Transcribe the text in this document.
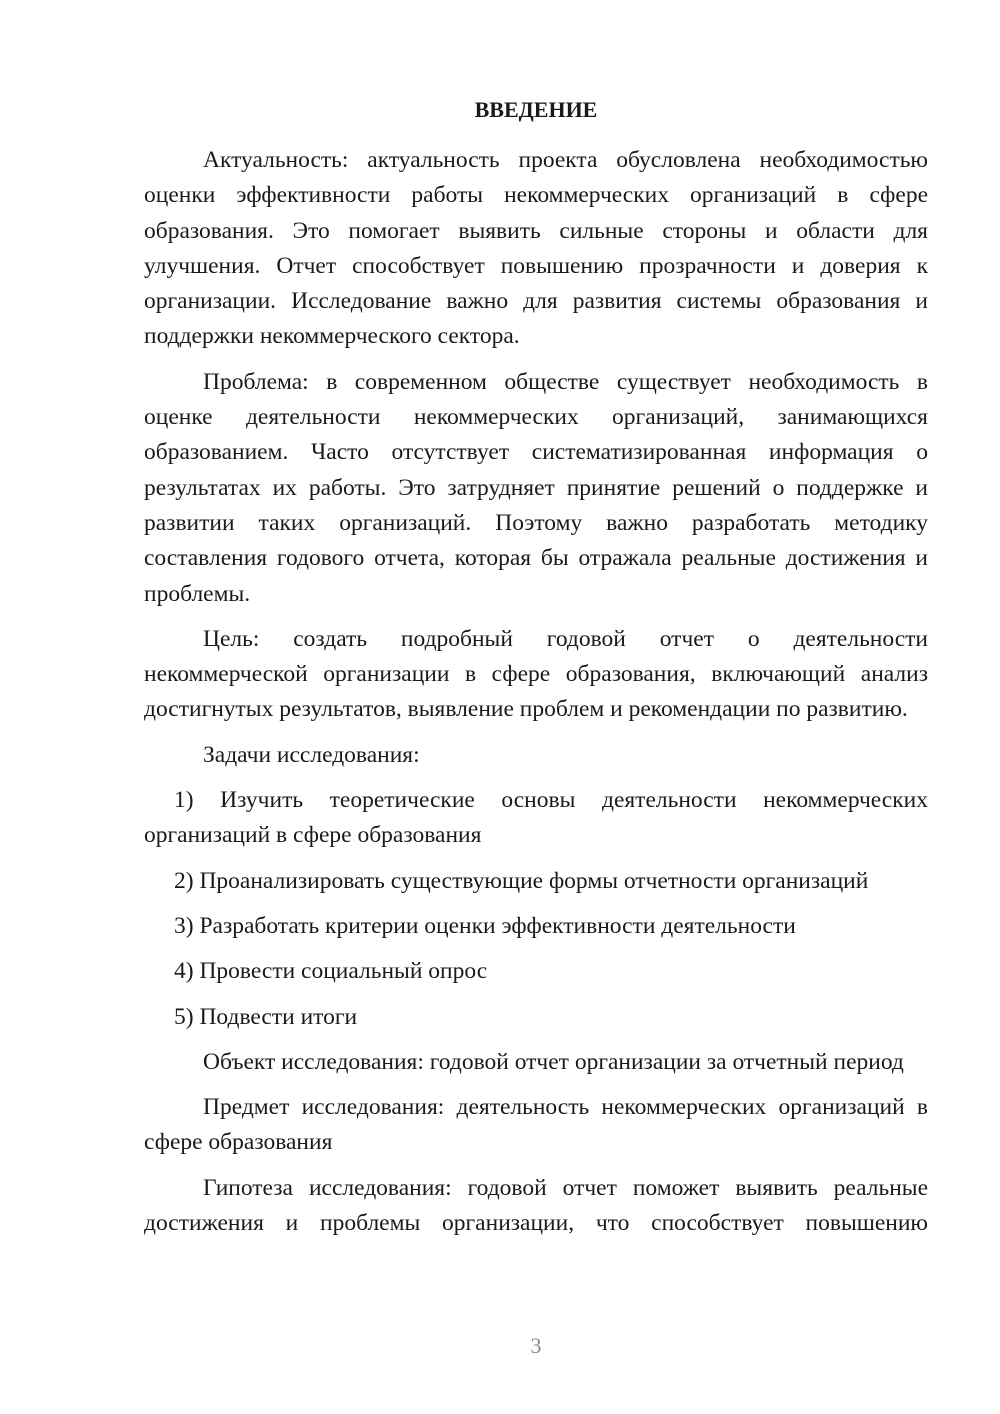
ВВЕДЕНИЕ
Актуальность: актуальность проекта обусловлена необходимостью оценки эффективности работы некоммерческих организаций в сфере образования. Это помогает выявить сильные стороны и области для улучшения. Отчет способствует повышению прозрачности и доверия к организации. Исследование важно для развития системы образования и поддержки некоммерческого сектора.
Проблема: в современном обществе существует необходимость в оценке деятельности некоммерческих организаций, занимающихся образованием. Часто отсутствует систематизированная информация о результатах их работы. Это затрудняет принятие решений о поддержке и развитии таких организаций. Поэтому важно разработать методику составления годового отчета, которая бы отражала реальные достижения и проблемы.
Цель: создать подробный годовой отчет о деятельности некоммерческой организации в сфере образования, включающий анализ достигнутых результатов, выявление проблем и рекомендации по развитию.
Задачи исследования:
1) Изучить теоретические основы деятельности некоммерческих организаций в сфере образования
2) Проанализировать существующие формы отчетности организаций
3) Разработать критерии оценки эффективности деятельности
4) Провести социальный опрос
5) Подвести итоги
Объект исследования: годовой отчет организации за отчетный период
Предмет исследования: деятельность некоммерческих организаций в сфере образования
Гипотеза исследования: годовой отчет поможет выявить реальные достижения и проблемы организации, что способствует повышению
3
